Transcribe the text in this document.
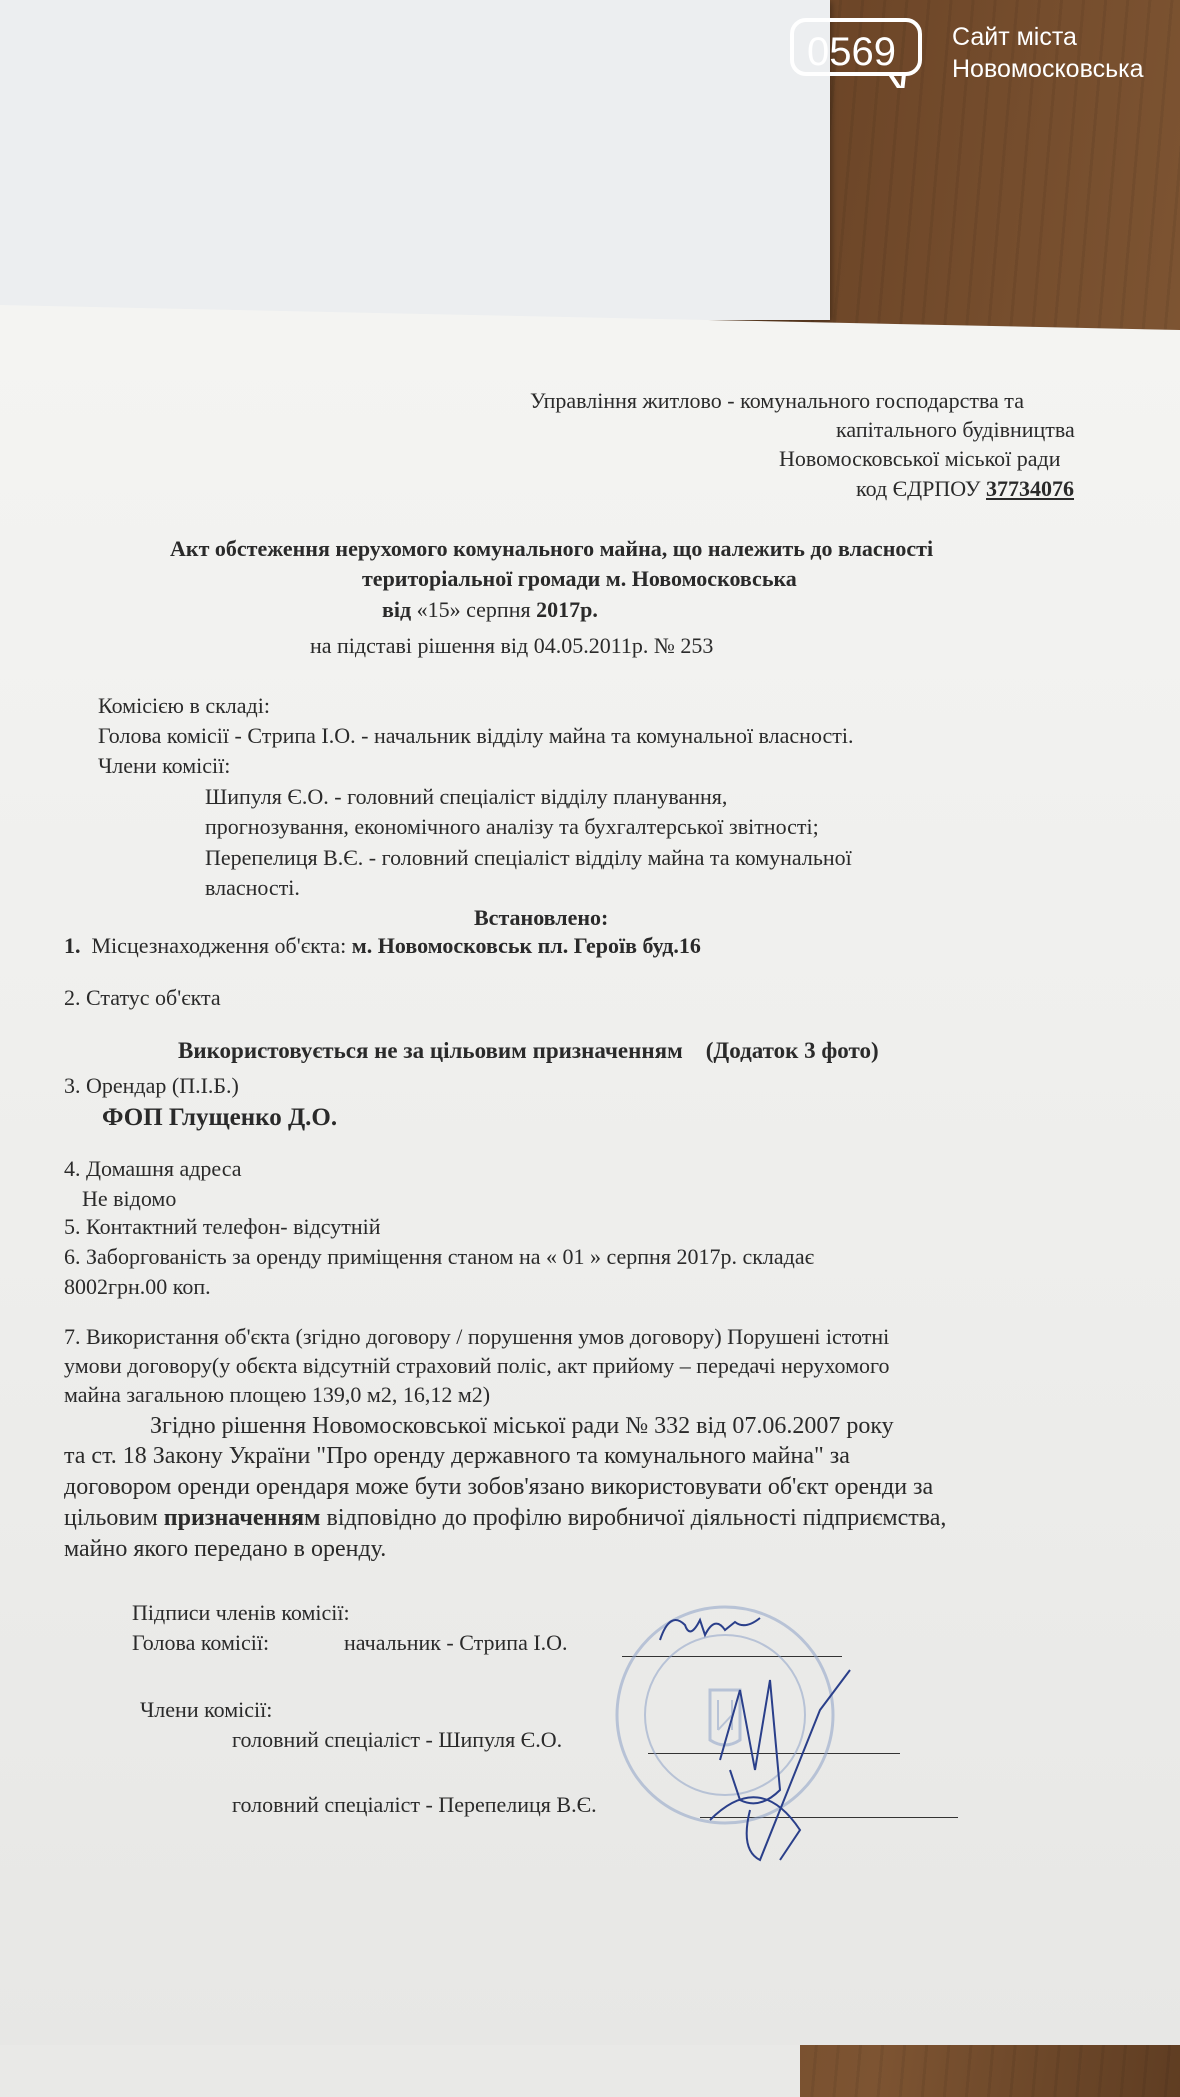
0569 Сайт міста
Новомосковська
Управління житлово - комунального господарства та
капітального будівництва
Новомосковської міської ради
код ЄДРПОУ 37734076
Акт обстеження нерухомого комунального майна, що належить до власності
територіальної громади м. Новомосковська
від «15» серпня 2017р.
на підставі рішення від 04.05.2011р. № 253
Комісією в складі:
Голова комісії - Стрипа І.О. - начальник відділу майна та комунальної власності.
Члени комісії:
Шипуля Є.О. - головний спеціаліст відділу планування,
прогнозування, економічного аналізу та бухгалтерської звітності;
Перепелиця В.Є. - головний спеціаліст відділу майна та комунальної
власності.
Встановлено:
1. Місцезнаходження об'єкта: м. Новомосковськ пл. Героїв буд.16
2. Статус об'єкта
Використовується не за цільовим призначенням (Додаток 3 фото)
3. Орендар (П.І.Б.)
ФОП Глущенко Д.О.
4. Домашня адреса
Не відомо
5. Контактний телефон- відсутній
6. Заборгованість за оренду приміщення станом на « 01 » серпня 2017р. складає
8002грн.00 коп.
7. Використання об'єкта (згідно договору / порушення умов договору) Порушені істотні
умови договору(у обєкта відсутній страховий поліс, акт прийому – передачі нерухомого
майна загальною площею 139,0 м2, 16,12 м2)
Згідно рішення Новомосковської міської ради № 332 від 07.06.2007 року
та ст. 18 Закону України "Про оренду державного та комунального майна" за
договором оренди орендаря може бути зобов'язано використовувати об'єкт оренди за
цільовим призначенням відповідно до профілю виробничої діяльності підприємства,
майно якого передано в оренду.
Підписи членів комісії:
Голова комісії:	начальник - Стрипа І.О.
Члени комісії:
головний спеціаліст - Шипуля Є.О.
головний спеціаліст - Перепелиця В.Є.
